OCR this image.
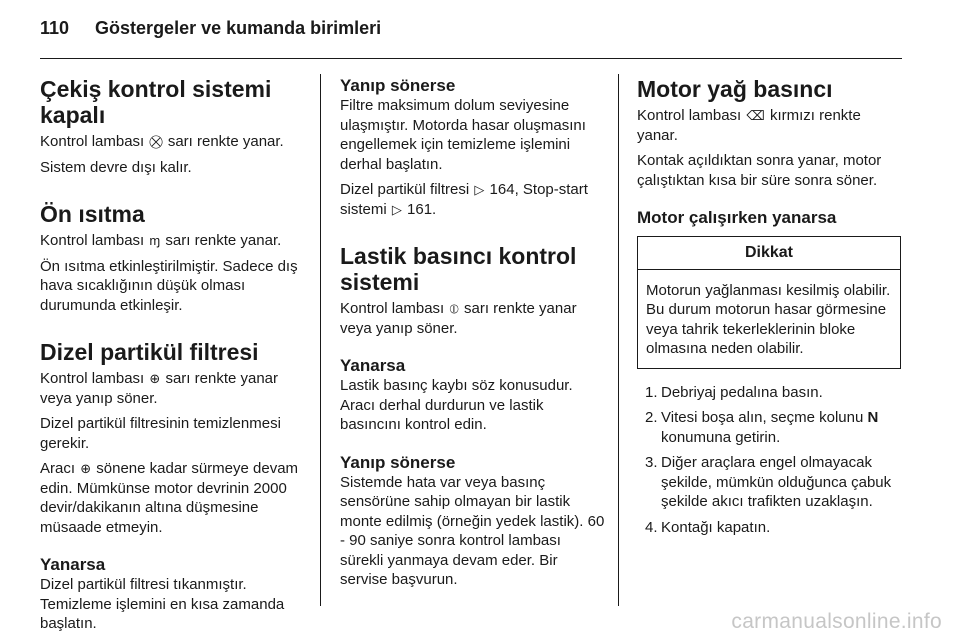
110 Göstergeler ve kumanda birimleri
Çekiş kontrol sistemi kapalı

Kontrol lambası ⛒ sarı renkte yanar.

Sistem devre dışı kalır.

Ön ısıtma

Kontrol lambası ɱ sarı renkte yanar.

Ön ısıtma etkinleştirilmiştir. Sadece dış hava sıcaklığının düşük olması durumunda etkinleşir.

Dizel partikül filtresi

Kontrol lambası ⊕ sarı renkte yanar veya yanıp söner.

Dizel partikül filtresinin temizlenmesi gerekir.

Aracı ⊕ sönene kadar sürmeye devam edin. Mümkünse motor devrinin 2000 devir/dakikanın altına düşmesine müsaade etmeyin.

Yanarsa

Dizel partikül filtresi tıkanmıştır. Temizleme işlemini en kısa zamanda başlatın.

Yanıp sönerse

Filtre maksimum dolum seviyesine ulaşmıştır. Motorda hasar oluşmasını engellemek için temizleme işlemini derhal başlatın.

Dizel partikül filtresi ▷ 164, Stop-start sistemi ▷ 161.

Lastik basıncı kontrol sistemi

Kontrol lambası ⦶ sarı renkte yanar veya yanıp söner.

Yanarsa

Lastik basınç kaybı söz konusudur. Aracı derhal durdurun ve lastik basıncını kontrol edin.

Yanıp sönerse

Sistemde hata var veya basınç sensörüne sahip olmayan bir lastik monte edilmiş (örneğin yedek lastik). 60 - 90 saniye sonra kontrol lambası sürekli yanmaya devam eder. Bir servise başvurun.

Motor yağ basıncı

Kontrol lambası ⌫ kırmızı renkte yanar.

Kontak açıldıktan sonra yanar, motor çalıştıktan kısa bir süre sonra söner.

Motor çalışırken yanarsa
Dikkat
Motorun yağlanması kesilmiş olabilir. Bu durum motorun hasar görmesine veya tahrik tekerleklerinin bloke olmasına neden olabilir.
1. Debriyaj pedalına basın.
2. Vitesi boşa alın, seçme kolunu N konumuna getirin.
3. Diğer araçlara engel olmayacak şekilde, mümkün olduğunca çabuk şekilde akıcı trafikten uzaklaşın.
4. Kontağı kapatın.
carmanualsonline.info
